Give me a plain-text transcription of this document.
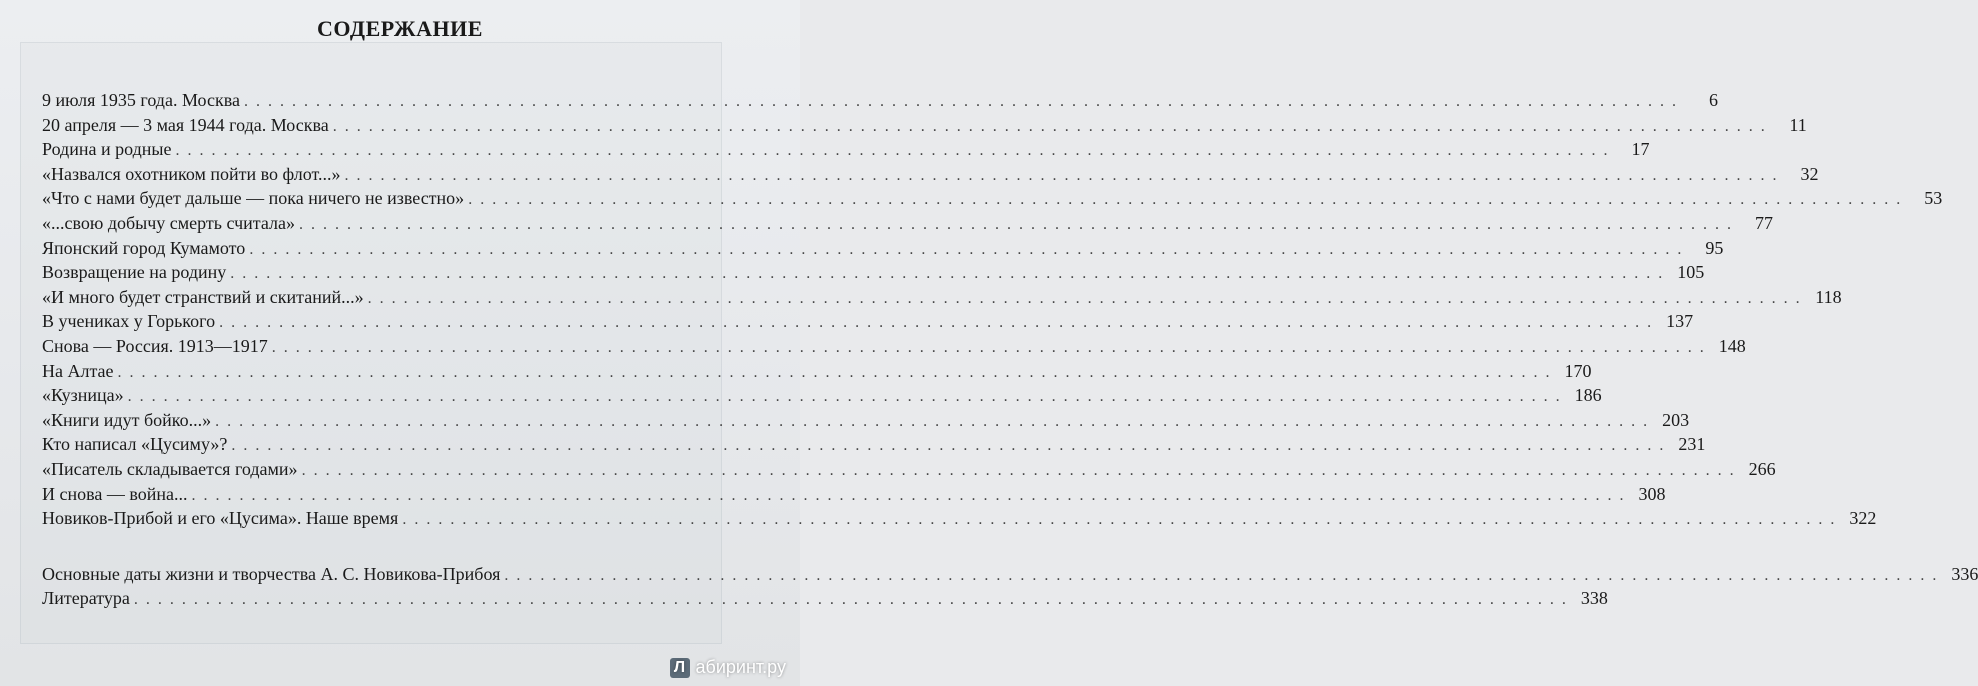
СОДЕРЖАНИЕ
9 июля 1935 года. Москва . . . . . . . . . . . . . . . . . . . . . . . . . . . . . . . . . . . . . . . . . . . . . . . . . . . . . . . . . . . . . . . . . . . . . . . . . . . . . . . . . . . . . . . . . . . . . . . . . . . . . . . . . . . . . . . . . . . . . . . .	6
20 апреля — 3 мая 1944 года. Москва . . . . . . . . . . . . . . . . . . . . . . . . . . . . . . . . . . . . . . . . . . . . . . . . . . . . . . . . . . . . . . . . . . . . . . . . . . . . . . . . . . . . . . . . . . . . . . . . . . . . . . . . . . . . . . . . . . . . . . . .	11
Родина и родные . . . . . . . . . . . . . . . . . . . . . . . . . . . . . . . . . . . . . . . . . . . . . . . . . . . . . . . . . . . . . . . . . . . . . . . . . . . . . . . . . . . . . . . . . . . . . . . . . . . . . . . . . . . . . . . . . . . . . . . .	17
«Назвался охотником пойти во флот...» . . . . . . . . . . . . . . . . . . . . . . . . . . . . . . . . . . . . . . . . . . . . . . . . . . . . . . . . . . . . . . . . . . . . . . . . . . . . . . . . . . . . . . . . . . . . . . . . . . . . . . . . . . . . . . . . . . . . . . . .	32
«Что с нами будет дальше — пока ничего не известно» . . . . . . . . . . . . . . . . . . . . . . . . . . . . . . . . . . . . . . . . . . . . . . . . . . . . . . . . . . . . . . . . . . . . . . . . . . . . . . . . . . . . . . . . . . . . . . . . . . . . . . . . . . . . . . . . . . . . . . . .	53
«...свою добычу смерть считала» . . . . . . . . . . . . . . . . . . . . . . . . . . . . . . . . . . . . . . . . . . . . . . . . . . . . . . . . . . . . . . . . . . . . . . . . . . . . . . . . . . . . . . . . . . . . . . . . . . . . . . . . . . . . . . . . . . . . . . . .	77
Японский город Кумамото . . . . . . . . . . . . . . . . . . . . . . . . . . . . . . . . . . . . . . . . . . . . . . . . . . . . . . . . . . . . . . . . . . . . . . . . . . . . . . . . . . . . . . . . . . . . . . . . . . . . . . . . . . . . . . . . . . . . . . . .	95
Возвращение на родину . . . . . . . . . . . . . . . . . . . . . . . . . . . . . . . . . . . . . . . . . . . . . . . . . . . . . . . . . . . . . . . . . . . . . . . . . . . . . . . . . . . . . . . . . . . . . . . . . . . . . . . . . . . . . . . . . . . . . . . . 105
«И много будет странствий и скитаний...» . . . . . . . . . . . . . . . . . . . . . . . . . . . . . . . . . . . . . . . . . . . . . . . . . . . . . . . . . . . . . . . . . . . . . . . . . . . . . . . . . . . . . . . . . . . . . . . . . . . . . . . . . . . . . . . . . . . . . . . . 118
В учениках у Горького . . . . . . . . . . . . . . . . . . . . . . . . . . . . . . . . . . . . . . . . . . . . . . . . . . . . . . . . . . . . . . . . . . . . . . . . . . . . . . . . . . . . . . . . . . . . . . . . . . . . . . . . . . . . . . . . . . . . . . . . 137
Снова — Россия. 1913—1917 . . . . . . . . . . . . . . . . . . . . . . . . . . . . . . . . . . . . . . . . . . . . . . . . . . . . . . . . . . . . . . . . . . . . . . . . . . . . . . . . . . . . . . . . . . . . . . . . . . . . . . . . . . . . . . . . . . . . . . . . 148
На Алтае . . . . . . . . . . . . . . . . . . . . . . . . . . . . . . . . . . . . . . . . . . . . . . . . . . . . . . . . . . . . . . . . . . . . . . . . . . . . . . . . . . . . . . . . . . . . . . . . . . . . . . . . . . . . . . . . . . . . . . . . 170
«Кузница» . . . . . . . . . . . . . . . . . . . . . . . . . . . . . . . . . . . . . . . . . . . . . . . . . . . . . . . . . . . . . . . . . . . . . . . . . . . . . . . . . . . . . . . . . . . . . . . . . . . . . . . . . . . . . . . . . . . . . . . . 186
«Книги идут бойко...» . . . . . . . . . . . . . . . . . . . . . . . . . . . . . . . . . . . . . . . . . . . . . . . . . . . . . . . . . . . . . . . . . . . . . . . . . . . . . . . . . . . . . . . . . . . . . . . . . . . . . . . . . . . . . . . . . . . . . . . . 203
Кто написал «Цусиму»? . . . . . . . . . . . . . . . . . . . . . . . . . . . . . . . . . . . . . . . . . . . . . . . . . . . . . . . . . . . . . . . . . . . . . . . . . . . . . . . . . . . . . . . . . . . . . . . . . . . . . . . . . . . . . . . . . . . . . . . . 231
«Писатель складывается годами» . . . . . . . . . . . . . . . . . . . . . . . . . . . . . . . . . . . . . . . . . . . . . . . . . . . . . . . . . . . . . . . . . . . . . . . . . . . . . . . . . . . . . . . . . . . . . . . . . . . . . . . . . . . . . . . . . . . . . . . . 266
И снова — война... . . . . . . . . . . . . . . . . . . . . . . . . . . . . . . . . . . . . . . . . . . . . . . . . . . . . . . . . . . . . . . . . . . . . . . . . . . . . . . . . . . . . . . . . . . . . . . . . . . . . . . . . . . . . . . . . . . . . . . . . 308
Новиков-Прибой и его «Цусима». Наше время . . . . . . . . . . . . . . . . . . . . . . . . . . . . . . . . . . . . . . . . . . . . . . . . . . . . . . . . . . . . . . . . . . . . . . . . . . . . . . . . . . . . . . . . . . . . . . . . . . . . . . . . . . . . . . . . . . . . . . . . 322
Основные даты жизни и творчества А. С. Новикова-Прибоя . . . . . . . . . . . . . . . . . . . . . . . . . . . . . . . . . . . . . . . . . . . . . . . . . . . . . . . . . . . . . . . . . . . . . . . . . . . . . . . . . . . . . . . . . . . . . . . . . . . . . . . . . . . . . . . . . . . . . . . . 336
Литература . . . . . . . . . . . . . . . . . . . . . . . . . . . . . . . . . . . . . . . . . . . . . . . . . . . . . . . . . . . . . . . . . . . . . . . . . . . . . . . . . . . . . . . . . . . . . . . . . . . . . . . . . . . . . . . . . . . . . . . . 338
Л абиринт.ру
